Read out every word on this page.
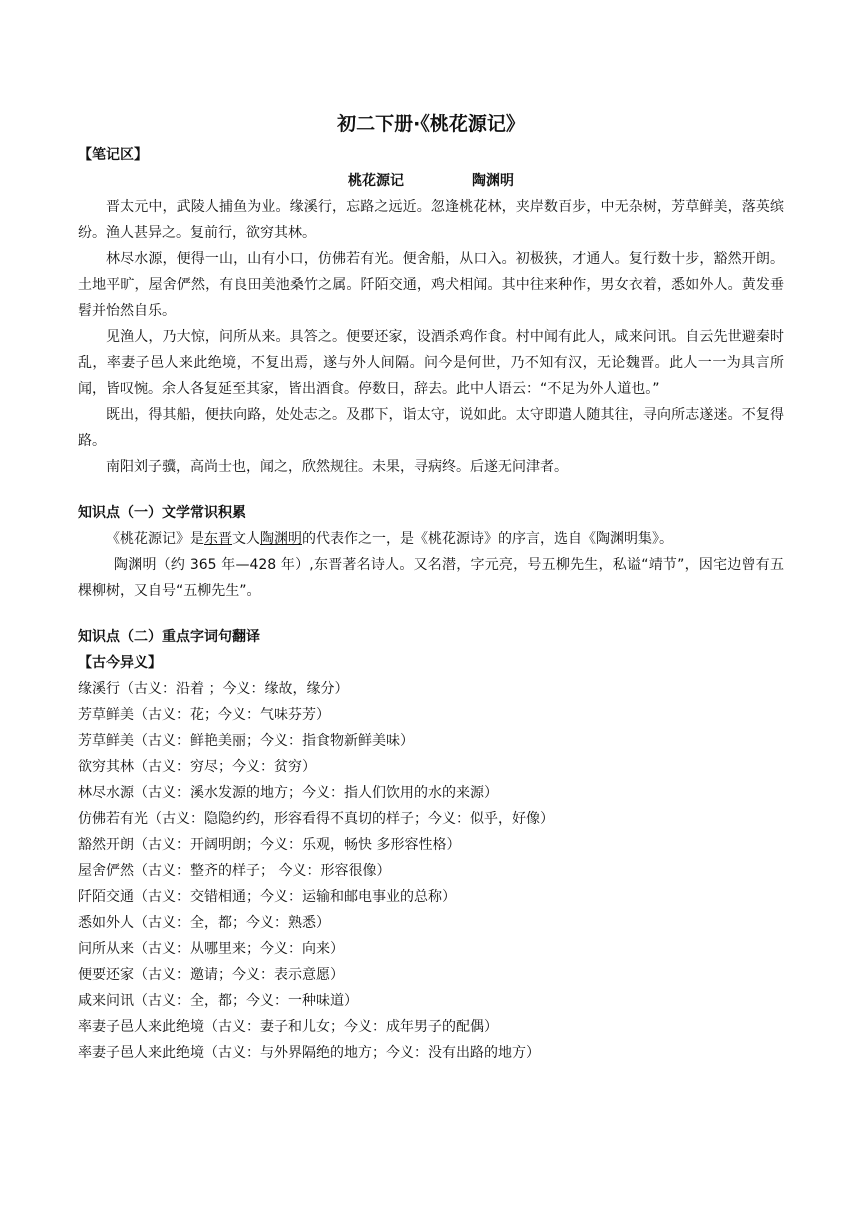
初二下册·《桃花源记》

【笔记区】

桃花源记	陶渊明

晋太元中，武陵人捕鱼为业。缘溪行，忘路之远近。忽逢桃花林，夹岸数百步，中无杂树，芳草鲜美，落英缤纷。渔人甚异之。复前行，欲穷其林。

林尽水源，便得一山，山有小口，仿佛若有光。便舍船，从口入。初极狭，才通人。复行数十步，豁然开朗。土地平旷，屋舍俨然，有良田美池桑竹之属。阡陌交通，鸡犬相闻。其中往来种作，男女衣着，悉如外人。黄发垂髫并怡然自乐。

见渔人，乃大惊，问所从来。具答之。便要还家，设酒杀鸡作食。村中闻有此人，咸来问讯。自云先世避秦时乱，率妻子邑人来此绝境，不复出焉，遂与外人间隔。问今是何世，乃不知有汉，无论魏晋。此人一一为具言所闻，皆叹惋。余人各复延至其家，皆出酒食。停数日，辞去。此中人语云：“不足为外人道也。”

既出，得其船，便扶向路，处处志之。及郡下，诣太守，说如此。太守即遣人随其往，寻向所志遂迷。不复得路。

南阳刘子骥，高尚士也，闻之，欣然规往。未果，寻病终。后遂无问津者。

知识点（一）文学常识积累

《桃花源记》是东晋文人陶渊明的代表作之一，是《桃花源诗》的序言，选自《陶渊明集》。

陶渊明（约 365 年—428 年）,东晋著名诗人。又名潜，字元亮，号五柳先生，私谥“靖节”，因宅边曾有五棵柳树，又自号“五柳先生”。

知识点（二）重点字词句翻译

【古今异义】

缘溪行（古义：沿着 ；今义：缘故，缘分）

芳草鲜美（古义：花；今义：气味芬芳）

芳草鲜美（古义：鲜艳美丽；今义：指食物新鲜美味）

欲穷其林（古义：穷尽；今义：贫穷）

林尽水源（古义：溪水发源的地方；今义：指人们饮用的水的来源）

仿佛若有光（古义：隐隐约约，形容看得不真切的样子；今义：似乎，好像）

豁然开朗（古义：开阔明朗；今义：乐观，畅快 多形容性格）

屋舍俨然（古义：整齐的样子； 今义：形容很像）

阡陌交通（古义：交错相通；今义：运输和邮电事业的总称）

悉如外人（古义：全，都；今义：熟悉）

问所从来（古义：从哪里来；今义：向来）

便要还家（古义：邀请；今义：表示意愿）

咸来问讯（古义：全，都；今义：一种味道）

率妻子邑人来此绝境（古义：妻子和儿女；今义：成年男子的配偶）

率妻子邑人来此绝境（古义：与外界隔绝的地方；今义：没有出路的地方）
